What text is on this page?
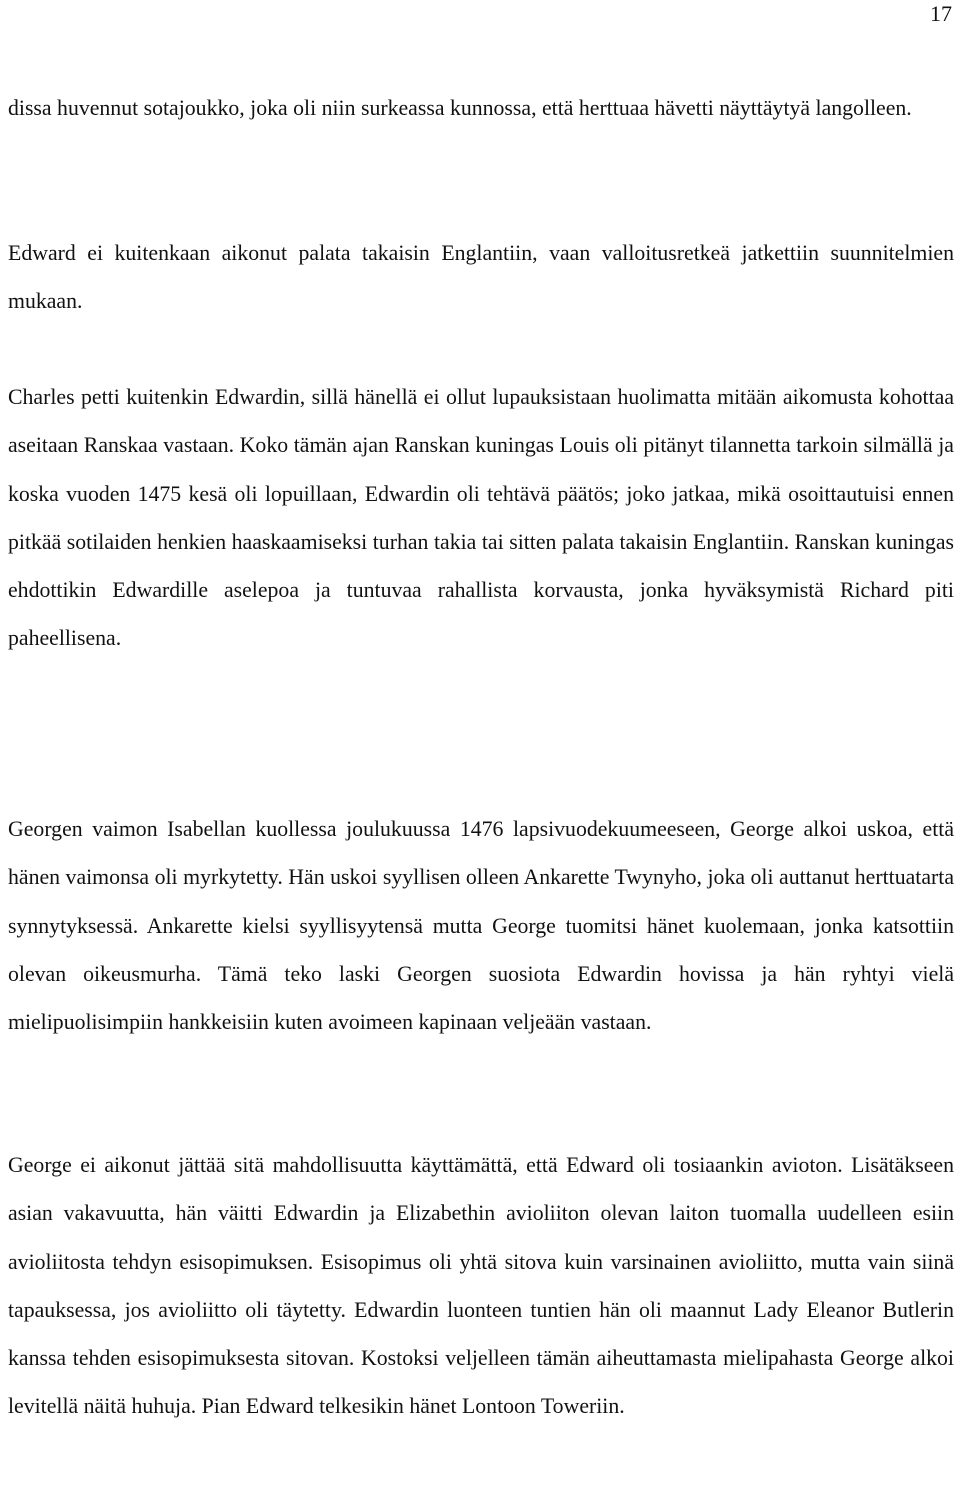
17

dissa huvennut sotajoukko, joka oli niin surkeassa kunnossa, että herttuaa hävetti näyttäytyä langolleen.

Edward ei kuitenkaan aikonut palata takaisin Englantiin, vaan valloitusretkeä jatkettiin suunnitelmien mukaan.

Charles petti kuitenkin Edwardin, sillä hänellä ei ollut lupauksistaan huolimatta mitään aikomusta kohottaa aseitaan Ranskaa vastaan. Koko tämän ajan Ranskan kuningas Louis oli pitänyt tilannetta tarkoin silmällä ja koska vuoden 1475 kesä oli lopuillaan, Edwardin oli tehtävä päätös; joko jatkaa, mikä osoittautuisi ennen pitkää sotilaiden henkien haaskaamiseksi turhan takia tai sitten palata takaisin Englantiin. Ranskan kuningas ehdottikin Edwardille aselepoa ja tuntuvaa rahallista korvausta, jonka hyväksymistä Richard piti paheellisena.

Georgen vaimon Isabellan kuollessa joulukuussa 1476 lapsivuodekuumeeseen, George alkoi uskoa, että hänen vaimonsa oli myrkytetty. Hän uskoi syyllisen olleen Ankarette Twynyho, joka oli auttanut herttuatarta synnytyksessä. Ankarette kielsi syyllisyytensä mutta George tuomitsi hänet kuolemaan, jonka katsottiin olevan oikeusmurha. Tämä teko laski Georgen suosiota Edwardin hovissa ja hän ryhtyi vielä mielipuolisimpiin hankkeisiin kuten avoimeen kapinaan veljeään vastaan.

George ei aikonut jättää sitä mahdollisuutta käyttämättä, että Edward oli tosiaankin avioton. Lisätäkseen asian vakavuutta, hän väitti Edwardin ja Elizabethin avioliiton olevan laiton tuomalla uudelleen esiin avioliitosta tehdyn esisopimuksen. Esisopimus oli yhtä sitova kuin varsinainen avioliitto, mutta vain siinä tapauksessa, jos avioliitto oli täytetty. Edwardin luonteen tuntien hän oli maannut Lady Eleanor Butlerin kanssa tehden esisopimuksesta sitovan. Kostoksi veljelleen tämän aiheuttamasta mielipahasta George alkoi levitellä näitä huhuja. Pian Edward telkesikin hänet Lontoon Toweriin.
